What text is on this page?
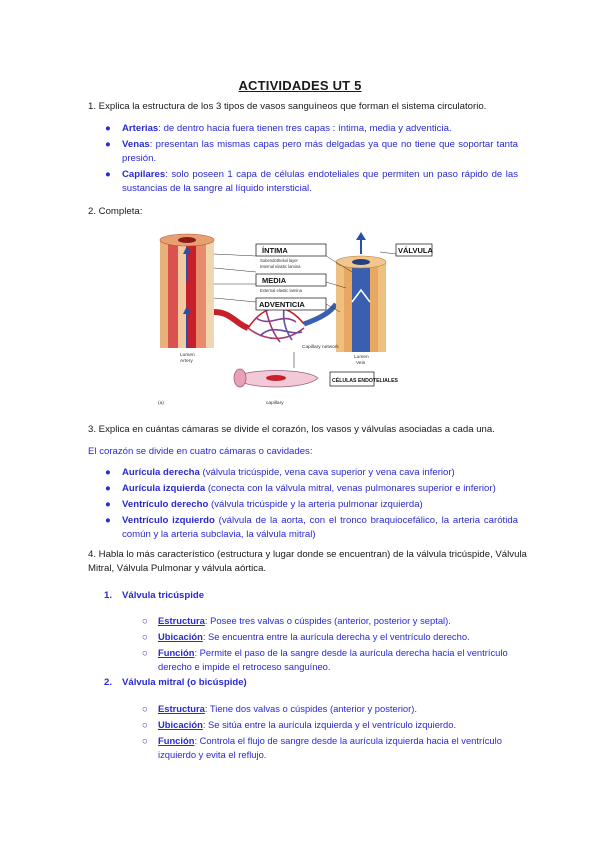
ACTIVIDADES UT 5
1. Explica la estructura de los 3 tipos de vasos sanguíneos que forman el sistema circulatorio.
● Arterias: de dentro hacia fuera tienen tres capas : íntima, media y adventicia.
● Venas: presentan las mismas capas pero más delgadas ya que no tiene que soportar tanta presión.
● Capilares: solo poseen 1 capa de células endoteliales que permiten un paso rápido de las sustancias de la sangre al líquido intersticial.
2. Completa:
ÍNTIMA
MEDIA
ADVENTICIA
VÁLVULA
CÉLULAS ENDOTELIALES
Subendothelial layer
Internal elastic lamina
External elastic lamina
Lumen
Artery
Lumen
Vein
Capillary network
capillary
(a)
3. Explica en cuántas cámaras se divide el corazón, los vasos y válvulas asociadas a cada una.
El corazón se divide en cuatro cámaras o cavidades:
● Aurícula derecha (válvula tricúspide, vena cava superior y vena cava inferior)
● Aurícula izquierda (conecta con la válvula mitral, venas pulmonares superior e inferior)
● Ventrículo derecho (válvula tricúspide y la arteria pulmonar izquierda)
● Ventrículo izquierdo (válvula de la aorta, con el tronco braquiocefálico, la arteria carótida común y la arteria subclavia, la válvula mitral)
4. Habla lo más característico (estructura y lugar donde se encuentran) de la válvula tricúspide, Válvula Mitral, Válvula Pulmonar y válvula aórtica.
1. Válvula tricúspide
○ Estructura: Posee tres valvas o cúspides (anterior, posterior y septal).
○ Ubicación: Se encuentra entre la aurícula derecha y el ventrículo derecho.
○ Función: Permite el paso de la sangre desde la aurícula derecha hacia el ventrículo derecho e impide el retroceso sanguíneo.
2. Válvula mitral (o bicúspide)
○ Estructura: Tiene dos valvas o cúspides (anterior y posterior).
○ Ubicación: Se sitúa entre la aurícula izquierda y el ventrículo izquierdo.
○ Función: Controla el flujo de sangre desde la aurícula izquierda hacia el ventrículo izquierdo y evita el reflujo.
